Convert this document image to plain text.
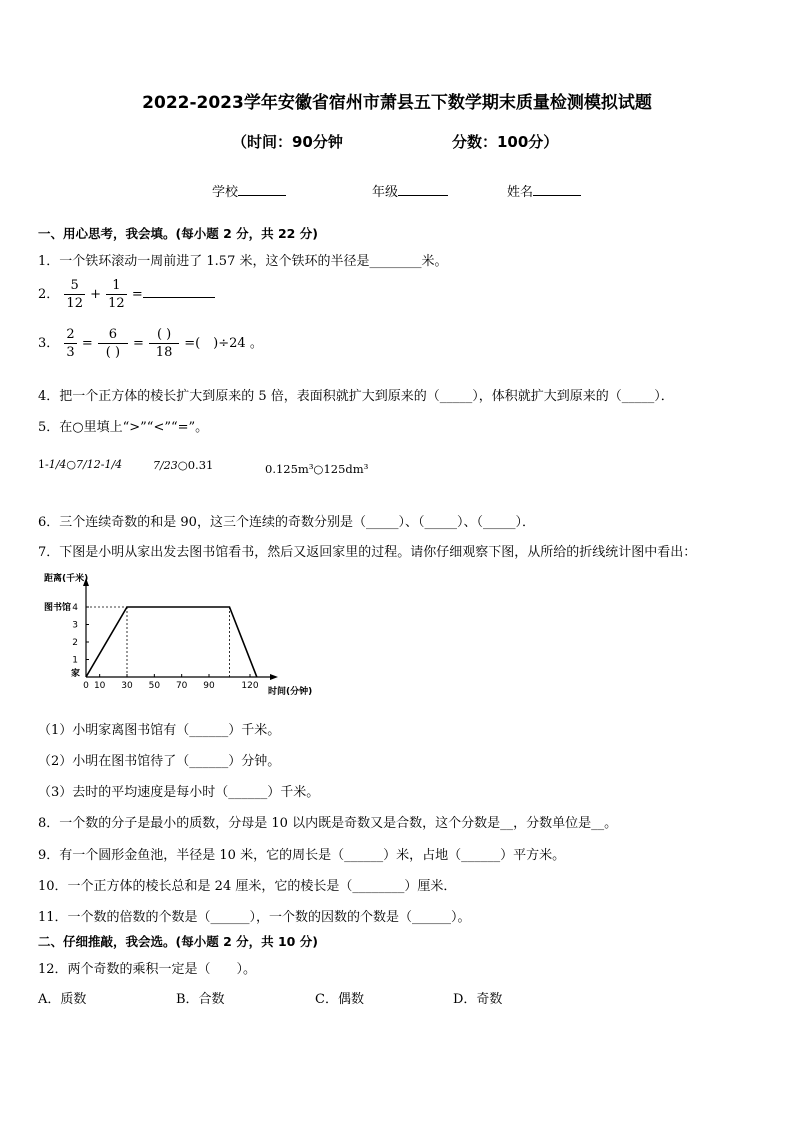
2022-2023学年安徽省宿州市萧县五下数学期末质量检测模拟试题
（时间：90分钟	分数：100分）
学校	年级	姓名
一、用心思考，我会填。(每小题 2 分，共 22 分)
1．一个铁环滚动一周前进了 1.57 米，这个铁环的半径是________米。
2． $\frac{5}{12} + \frac{1}{12}$ =
3． $\frac{2}{3} = \frac{6}{( )} = \frac{( )}{18}$ =(　)÷24 。
4．把一个正方体的棱长扩大到原来的 5 倍，表面积就扩大到原来的（_____），体积就扩大到原来的（_____）．
5．在○里填上“>”“<”“=”。
1-1/4○7/12-1/4	7/23○0.31	0.125m³○125dm³
6．三个连续奇数的和是 90，这三个连续的奇数分别是（_____）、（_____）、（_____）．
7．下图是小明从家出发去图书馆看书，然后又返回家里的过程。请你仔细观察下图，从所给的折线统计图中看出：
距离(千米)
时间(分钟)
1
2
3
4
图书馆
家
0 10 30 50 70 90	120
（1）小明家离图书馆有（______）千米。
（2）小明在图书馆待了（______）分钟。
（3）去时的平均速度是每小时（______）千米。
8．一个数的分子是最小的质数，分母是 10 以内既是奇数又是合数，这个分数是__，分数单位是__。
9．有一个圆形金鱼池，半径是 10 米，它的周长是（______）米，占地（______）平方米。
10．一个正方体的棱长总和是 24 厘米，它的棱长是（________）厘米．
11．一个数的倍数的个数是（______），一个数的因数的个数是（______）。
二、仔细推敲，我会选。(每小题 2 分，共 10 分)
12．两个奇数的乘积一定是（　　）。
A．质数	B．合数	C．偶数	D．奇数
